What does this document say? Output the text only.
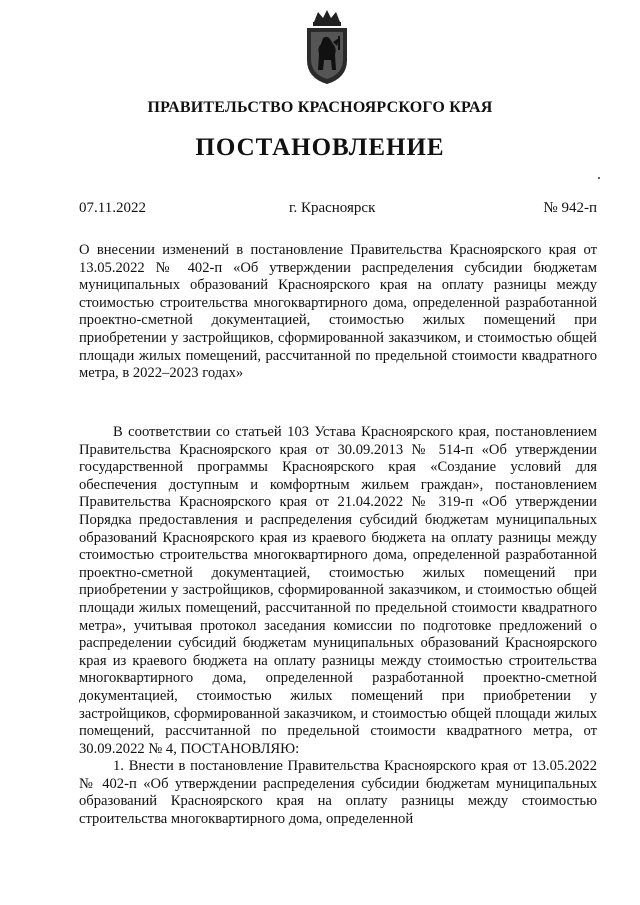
ПРАВИТЕЛЬСТВО КРАСНОЯРСКОГО КРАЯ
ПОСТАНОВЛЕНИЕ
07.11.2022	г. Красноярск	№ 942-п
О внесении изменений в постановление Правительства Красноярского края от 13.05.2022 № 402-п «Об утверждении распределения субсидии бюджетам муниципальных образований Красноярского края на оплату разницы между стоимостью строительства многоквартирного дома, определенной разработанной проектно-сметной документацией, стоимостью жилых помещений при приобретении у застройщиков, сформированной заказчиком, и стоимостью общей площади жилых помещений, рассчитанной по предельной стоимости квадратного метра, в 2022–2023 годах»

В соответствии со статьей 103 Устава Красноярского края, постановлением Правительства Красноярского края от 30.09.2013 № 514-п «Об утверждении государственной программы Красноярского края «Создание условий для обеспечения доступным и комфортным жильем граждан», постановлением Правительства Красноярского края от 21.04.2022 № 319-п «Об утверждении Порядка предоставления и распределения субсидий бюджетам муниципальных образований Красноярского края из краевого бюджета на оплату разницы между стоимостью строительства многоквартирного дома, определенной разработанной проектно-сметной документацией, стоимостью жилых помещений при приобретении у застройщиков, сформированной заказчиком, и стоимостью общей площади жилых помещений, рассчитанной по предельной стоимости квадратного метра», учитывая протокол заседания комиссии по подготовке предложений о распределении субсидий бюджетам муниципальных образований Красноярского края из краевого бюджета на оплату разницы между стоимостью строительства многоквартирного дома, определенной разработанной проектно-сметной документацией, стоимостью жилых помещений при приобретении у застройщиков, сформированной заказчиком, и стоимостью общей площади жилых помещений, рассчитанной по предельной стоимости квадратного метра, от 30.09.2022 № 4, ПОСТАНОВЛЯЮ:

1. Внести в постановление Правительства Красноярского края от 13.05.2022 № 402-п «Об утверждении распределения субсидии бюджетам муниципальных образований Красноярского края на оплату разницы между стоимостью строительства многоквартирного дома, определенной
